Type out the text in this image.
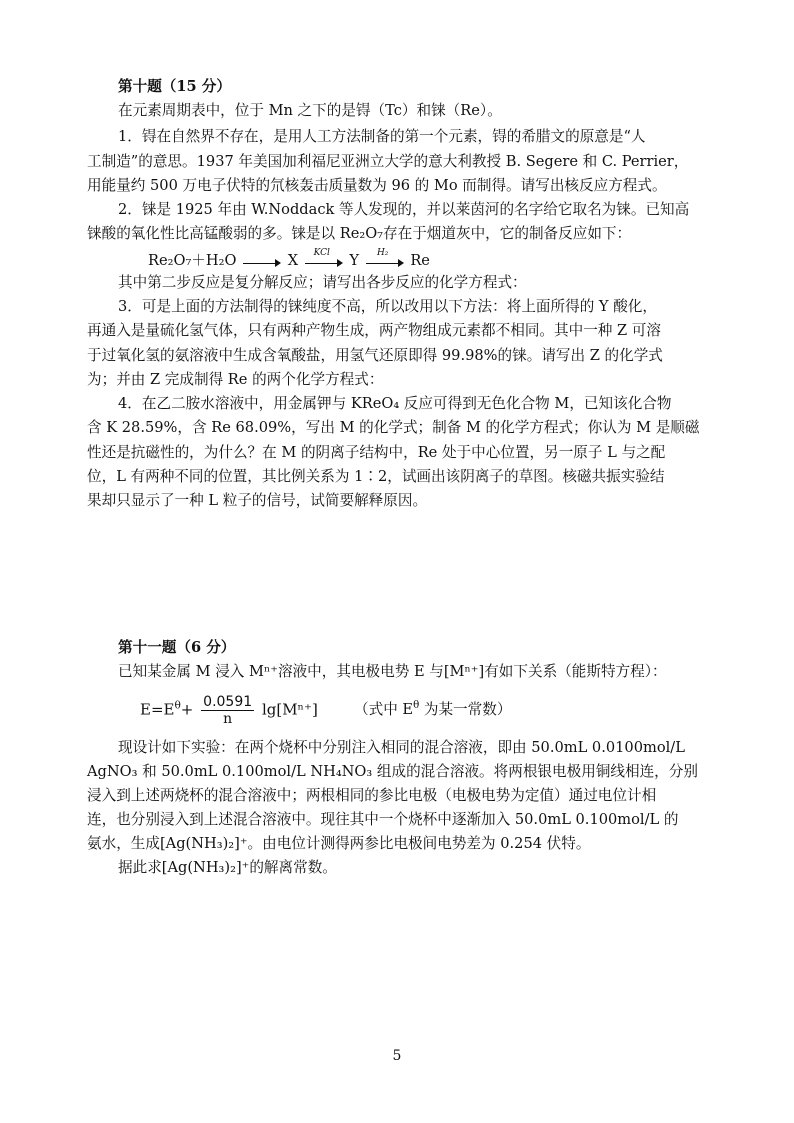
第十题（15 分）
在元素周期表中，位于 Mn 之下的是锝（Tc）和铼（Re）。
1．锝在自然界不存在，是用人工方法制备的第一个元素，锝的希腊文的原意是“人
工制造”的意思。1937 年美国加利福尼亚洲立大学的意大利教授 B. Segere 和 C. Perrier，
用能量约 500 万电子伏特的氘核轰击质量数为 96 的 Mo 而制得。请写出核反应方程式。
2．铼是 1925 年由 W.Noddack 等人发现的，并以莱茵河的名字给它取名为铼。已知高
铼酸的氧化性比高锰酸弱的多。铼是以 Re₂O₇存在于烟道灰中，它的制备反应如下：
Re₂O₇＋H₂O	X	KCl	Y	H₂	Re
其中第二步反应是复分解反应；请写出各步反应的化学方程式：
3．可是上面的方法制得的铼纯度不高，所以改用以下方法：将上面所得的 Y 酸化，
再通入是量硫化氢气体，只有两种产物生成，两产物组成元素都不相同。其中一种 Z 可溶
于过氧化氢的氨溶液中生成含氧酸盐，用氢气还原即得 99.98%的铼。请写出 Z 的化学式
为；并由 Z 完成制得 Re 的两个化学方程式：
4．在乙二胺水溶液中，用金属钾与 KReO₄ 反应可得到无色化合物 M，已知该化合物
含 K 28.59%，含 Re 68.09%，写出 M 的化学式；制备 M 的化学方程式；你认为 M 是顺磁
性还是抗磁性的，为什么？在 M 的阴离子结构中，Re 处于中心位置，另一原子 L 与之配
位，L 有两种不同的位置，其比例关系为 1∶2，试画出该阴离子的草图。核磁共振实验结
果却只显示了一种 L 粒子的信号，试简要解释原因。
第十一题（6 分）
已知某金属 M 浸入 Mⁿ⁺溶液中，其电极电势 E 与[Mⁿ⁺]有如下关系（能斯特方程）：
$E=E^\theta+ \frac{0.0591}{n} \lg[M^{n+}]$ （式中 $E^\theta$ 为某一常数）
现设计如下实验：在两个烧杯中分别注入相同的混合溶液，即由 50.0mL 0.0100mol/L
AgNO₃ 和 50.0mL 0.100mol/L NH₄NO₃ 组成的混合溶液。将两根银电极用铜线相连，分别
浸入到上述两烧杯的混合溶液中；两根相同的参比电极（电极电势为定值）通过电位计相
连，也分别浸入到上述混合溶液中。现往其中一个烧杯中逐渐加入 50.0mL 0.100mol/L 的
氨水，生成[Ag(NH₃)₂]⁺。由电位计测得两参比电极间电势差为 0.254 伏特。
据此求[Ag(NH₃)₂]⁺的解离常数。
5
